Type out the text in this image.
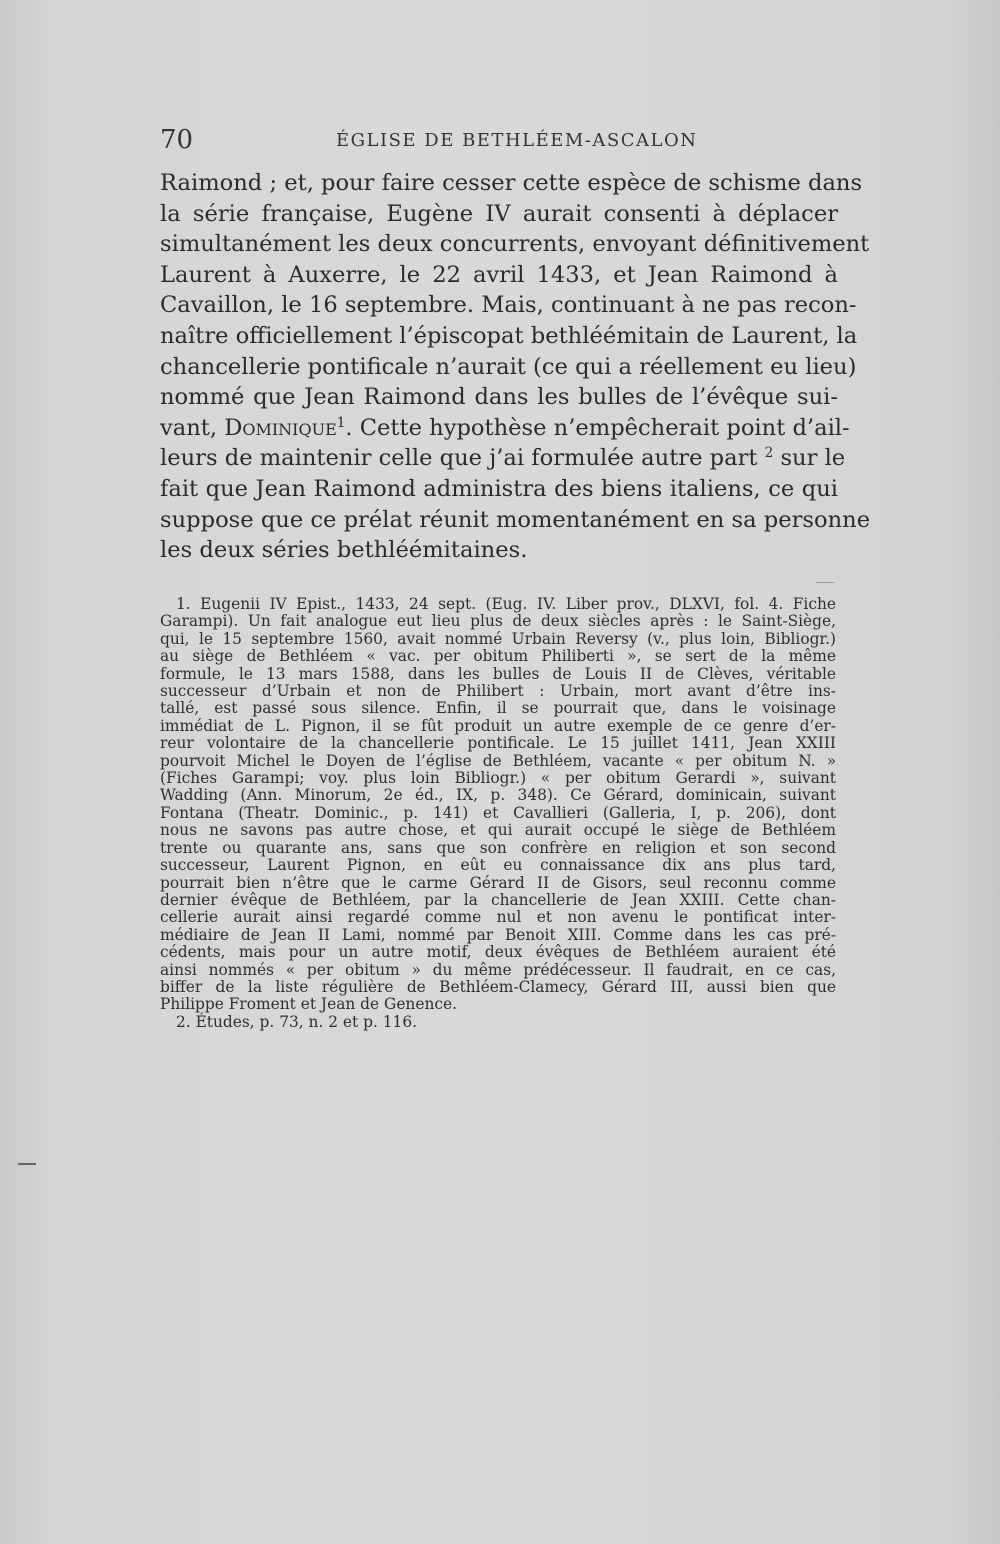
70	ÉGLISE DE BETHLÉEM-ASCALON
Raimond ; et, pour faire cesser cette espèce de schisme dans
la série française, Eugène IV aurait consenti à déplacer
simultanément les deux concurrents, envoyant définitivement
Laurent à Auxerre, le 22 avril 1433, et Jean Raimond à
Cavaillon, le 16 septembre. Mais, continuant à ne pas recon-
naître officiellement l’épiscopat bethléémitain de Laurent, la
chancellerie pontificale n’aurait (ce qui a réellement eu lieu)
nommé que Jean Raimond dans les bulles de l’évêque sui-
vant, Dominique$^1$. Cette hypothèse n’empêcherait point d’ail-
leurs de maintenir celle que j’ai formulée autre part $^2$ sur le
fait que Jean Raimond administra des biens italiens, ce qui
suppose que ce prélat réunit momentanément en sa personne
les deux séries bethléémitaines.
1. Eugenii IV Epist., 1433, 24 sept. (Eug. IV. Liber prov., DLXVI, fol. 4. Fiche
Garampi). Un fait analogue eut lieu plus de deux siècles après : le Saint-Siège,
qui, le 15 septembre 1560, avait nommé Urbain Reversy (v., plus loin, Bibliogr.)
au siège de Bethléem « vac. per obitum Philiberti », se sert de la même
formule, le 13 mars 1588, dans les bulles de Louis II de Clèves, véritable
successeur d’Urbain et non de Philibert : Urbain, mort avant d’être ins-
tallé, est passé sous silence. Enfin, il se pourrait que, dans le voisinage
immédiat de L. Pignon, il se fût produit un autre exemple de ce genre d’er-
reur volontaire de la chancellerie pontificale. Le 15 juillet 1411, Jean XXIII
pourvoit Michel le Doyen de l’église de Bethléem, vacante « per obitum N. »
(Fiches Garampi; voy. plus loin Bibliogr.) « per obitum Gerardi », suivant
Wadding (Ann. Minorum, 2e éd., IX, p. 348). Ce Gérard, dominicain, suivant
Fontana (Theatr. Dominic., p. 141) et Cavallieri (Galleria, I, p. 206), dont
nous ne savons pas autre chose, et qui aurait occupé le siège de Bethléem
trente ou quarante ans, sans que son confrère en religion et son second
successeur, Laurent Pignon, en eût eu connaissance dix ans plus tard,
pourrait bien n’être que le carme Gérard II de Gisors, seul reconnu comme
dernier évêque de Bethléem, par la chancellerie de Jean XXIII. Cette chan-
cellerie aurait ainsi regardé comme nul et non avenu le pontificat inter-
médiaire de Jean II Lami, nommé par Benoit XIII. Comme dans les cas pré-
cédents, mais pour un autre motif, deux évêques de Bethléem auraient été
ainsi nommés « per obitum » du même prédécesseur. Il faudrait, en ce cas,
biffer de la liste régulière de Bethléem-Clamecy, Gérard III, aussi bien que
Philippe Froment et Jean de Genence.
2. Études, p. 73, n. 2 et p. 116.
